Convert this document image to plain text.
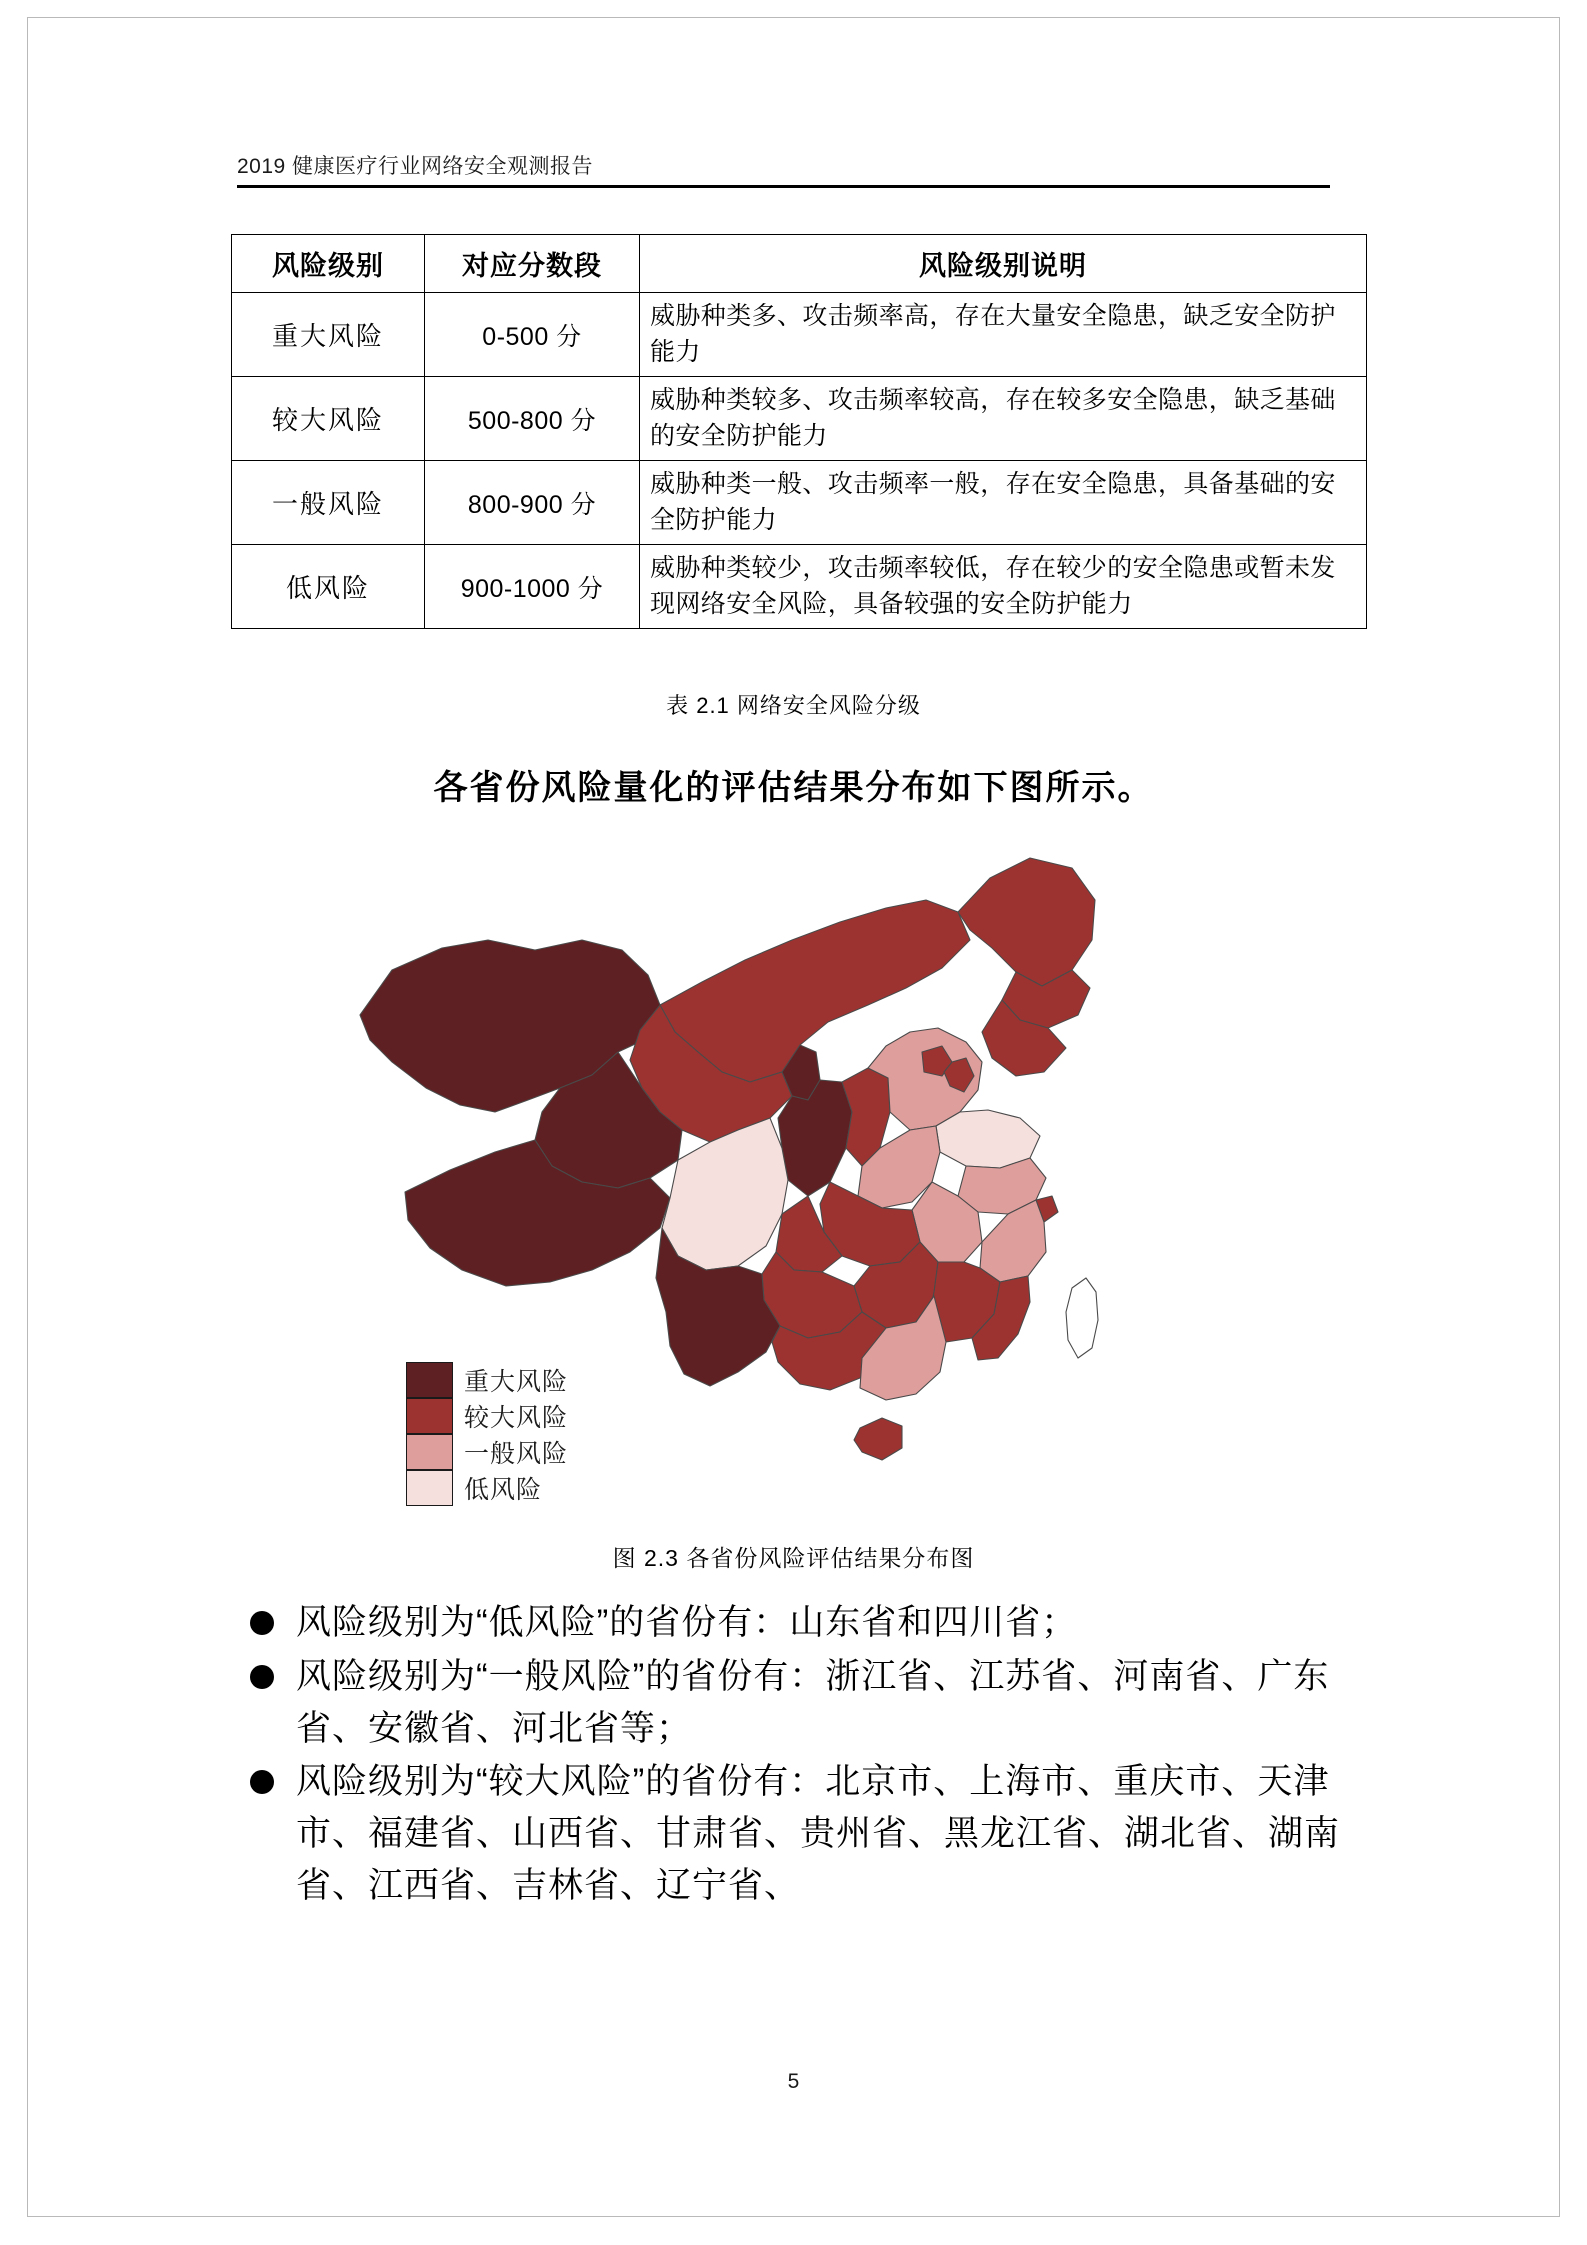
2019 健康医疗行业网络安全观测报告
风险级别	对应分数段	风险级别说明
重大风险	0-500 分	威胁种类多、攻击频率高，存在大量安全隐患，缺乏安全防护能力
较大风险	500-800 分	威胁种类较多、攻击频率较高，存在较多安全隐患，缺乏基础的安全防护能力
一般风险	800-900 分	威胁种类一般、攻击频率一般，存在安全隐患，具备基础的安全防护能力
低风险	900-1000 分	威胁种类较少，攻击频率较低，存在较少的安全隐患或暂未发现网络安全风险，具备较强的安全防护能力
表 2.1 网络安全风险分级
各省份风险量化的评估结果分布如下图所示。
重大风险
较大风险
一般风险
低风险
图 2.3 各省份风险评估结果分布图
风险级别为“低风险”的省份有：山东省和四川省；
风险级别为“一般风险”的省份有：浙江省、江苏省、河南省、广东省、安徽省、河北省等；
风险级别为“较大风险”的省份有：北京市、上海市、重庆市、天津市、福建省、山西省、甘肃省、贵州省、黑龙江省、湖北省、湖南省、江西省、吉林省、辽宁省、
5
